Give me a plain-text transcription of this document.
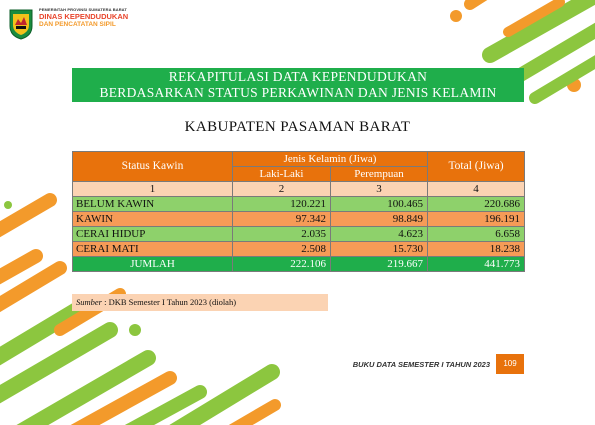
PEMERINTAH PROVINSI SUMATERA BARAT
DINAS KEPENDUDUKAN
DAN PENCATATAN SIPIL
REKAPITULASI DATA KEPENDUDUKAN
BERDASARKAN STATUS PERKAWINAN DAN JENIS KELAMIN
KABUPATEN PASAMAN BARAT
Status Kawin	Jenis Kelamin (Jiwa)		Total (Jiwa)
	Laki-Laki	Perempuan	
1	2	3	4
BELUM KAWIN	120.221	100.465	220.686
KAWIN	97.342	98.849	196.191
CERAI HIDUP	2.035	4.623	6.658
CERAI MATI	2.508	15.730	18.238
JUMLAH	222.106	219.667	441.773
Sumber : DKB Semester I Tahun 2023 (diolah)
BUKU DATA SEMESTER I TAHUN 2023	109
